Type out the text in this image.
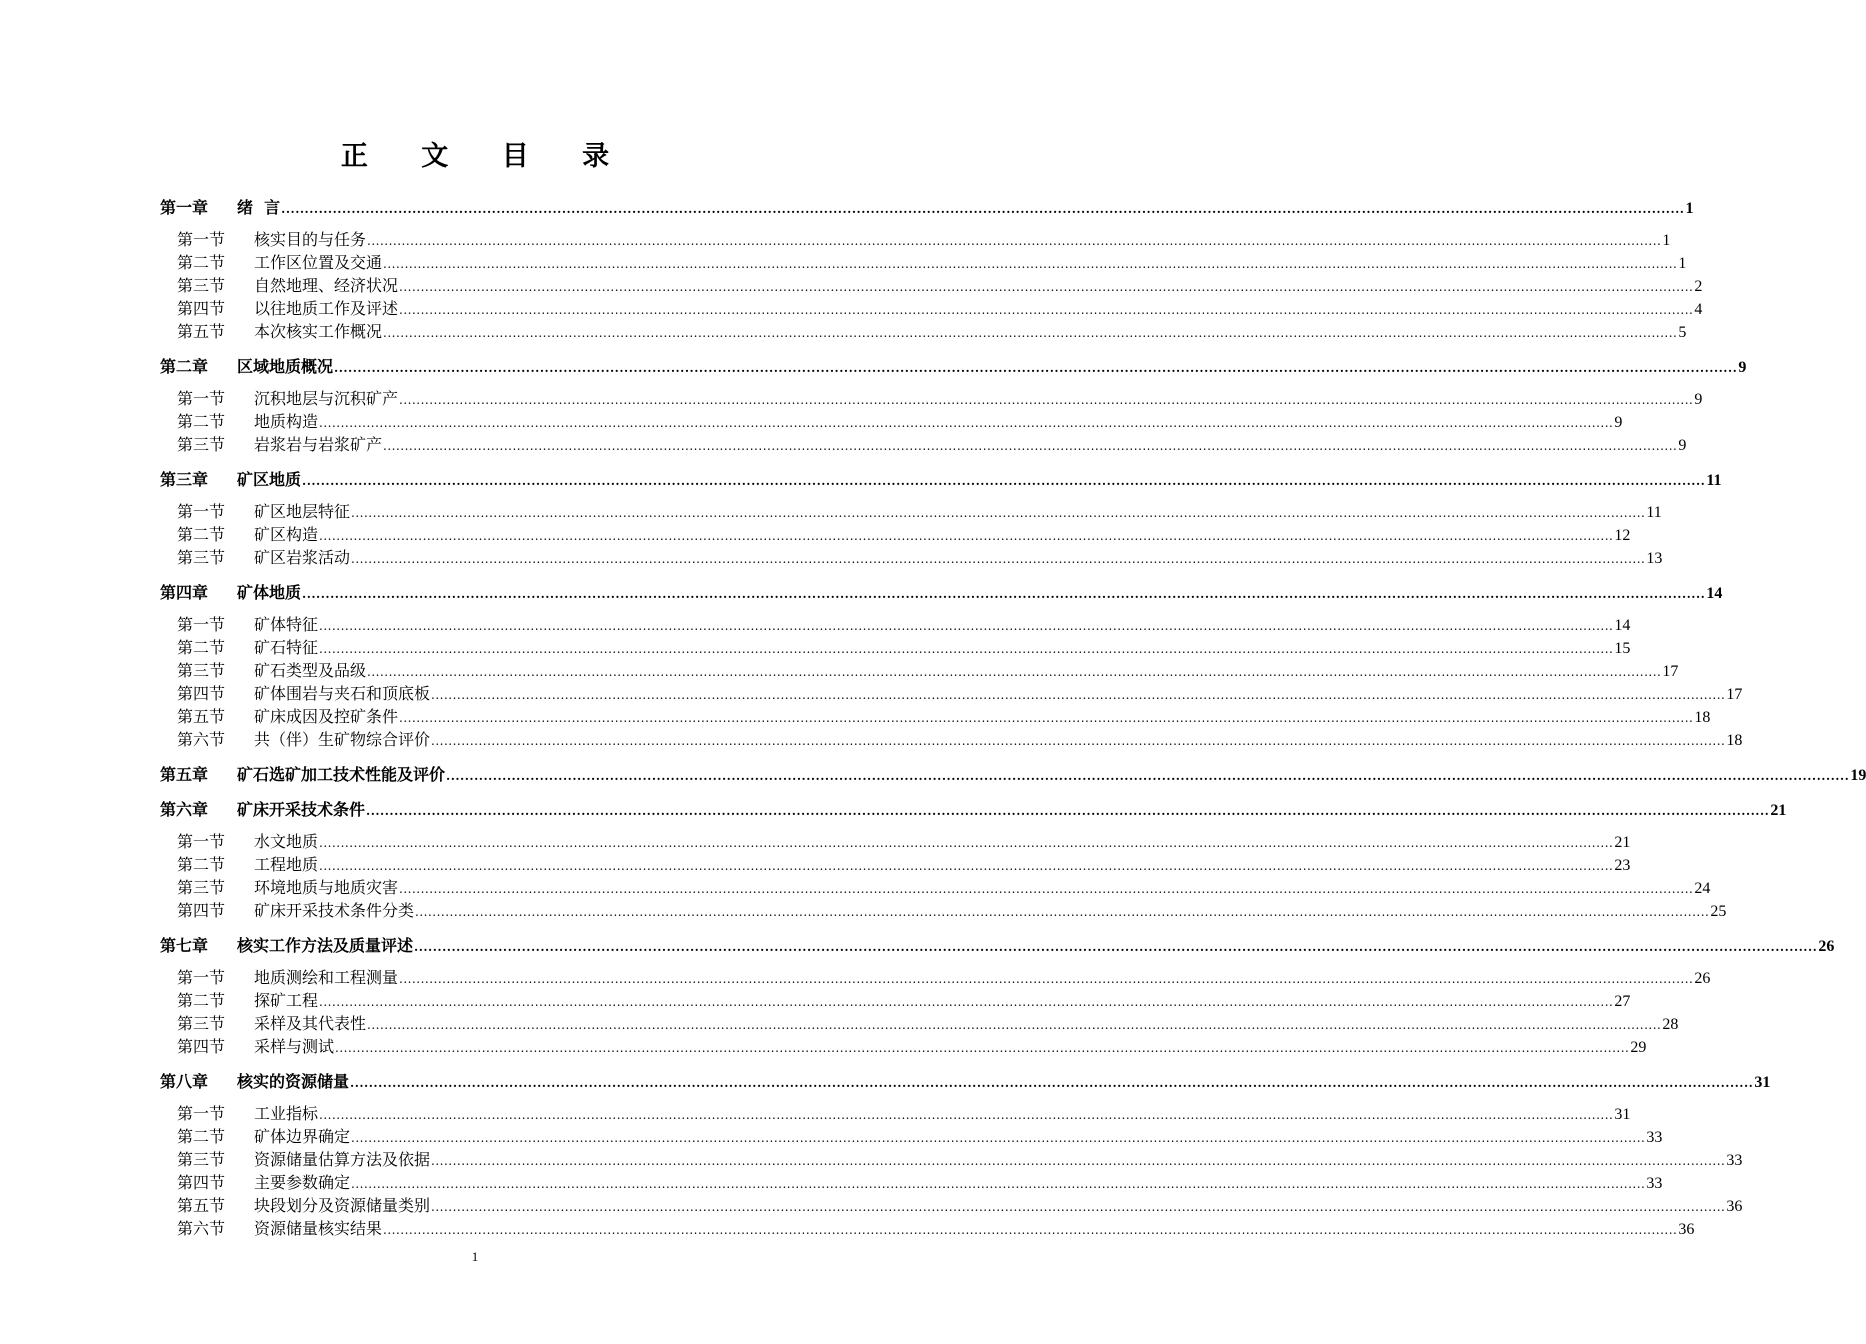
正 文 目 录
第一章	绪  言 ............................................................................................................................................................................................................................................................................................................ 1
第一节	核实目的与任务 ............................................................................................................................................................................................................................................................................................................ 1
第二节	工作区位置及交通 ............................................................................................................................................................................................................................................................................................................ 1
第三节	自然地理、经济状况 ............................................................................................................................................................................................................................................................................................................ 2
第四节	以往地质工作及评述 ............................................................................................................................................................................................................................................................................................................ 4
第五节	本次核实工作概况 ............................................................................................................................................................................................................................................................................................................ 5
第二章	区域地质概况 ............................................................................................................................................................................................................................................................................................................ 9
第一节	沉积地层与沉积矿产 ............................................................................................................................................................................................................................................................................................................ 9
第二节	地质构造 ............................................................................................................................................................................................................................................................................................................ 9
第三节	岩浆岩与岩浆矿产 ............................................................................................................................................................................................................................................................................................................ 9
第三章	矿区地质 ............................................................................................................................................................................................................................................................................................................ 11
第一节	矿区地层特征 ............................................................................................................................................................................................................................................................................................................ 11
第二节	矿区构造 ............................................................................................................................................................................................................................................................................................................ 12
第三节	矿区岩浆活动 ............................................................................................................................................................................................................................................................................................................ 13
第四章	矿体地质 ............................................................................................................................................................................................................................................................................................................ 14
第一节	矿体特征 ............................................................................................................................................................................................................................................................................................................ 14
第二节	矿石特征 ............................................................................................................................................................................................................................................................................................................ 15
第三节	矿石类型及品级 ............................................................................................................................................................................................................................................................................................................ 17
第四节	矿体围岩与夹石和顶底板 ............................................................................................................................................................................................................................................................................................................ 17
第五节	矿床成因及控矿条件 ............................................................................................................................................................................................................................................................................................................ 18
第六节	共（伴）生矿物综合评价 ............................................................................................................................................................................................................................................................................................................ 18
第五章	矿石选矿加工技术性能及评价 ............................................................................................................................................................................................................................................................................................................ 19
第六章	矿床开采技术条件 ............................................................................................................................................................................................................................................................................................................ 21
第一节	水文地质 ............................................................................................................................................................................................................................................................................................................ 21
第二节	工程地质 ............................................................................................................................................................................................................................................................................................................ 23
第三节	环境地质与地质灾害 ............................................................................................................................................................................................................................................................................................................ 24
第四节	矿床开采技术条件分类 ............................................................................................................................................................................................................................................................................................................ 25
第七章	核实工作方法及质量评述 ............................................................................................................................................................................................................................................................................................................ 26
第一节	地质测绘和工程测量 ............................................................................................................................................................................................................................................................................................................ 26
第二节	探矿工程 ............................................................................................................................................................................................................................................................................................................ 27
第三节	采样及其代表性 ............................................................................................................................................................................................................................................................................................................ 28
第四节	采样与测试 ............................................................................................................................................................................................................................................................................................................ 29
第八章	核实的资源储量 ............................................................................................................................................................................................................................................................................................................ 31
第一节	工业指标 ............................................................................................................................................................................................................................................................................................................ 31
第二节	矿体边界确定 ............................................................................................................................................................................................................................................................................................................ 33
第三节	资源储量估算方法及依据 ............................................................................................................................................................................................................................................................................................................ 33
第四节	主要参数确定 ............................................................................................................................................................................................................................................................................................................ 33
第五节	块段划分及资源储量类别 ............................................................................................................................................................................................................................................................................................................ 36
第六节	资源储量核实结果 ............................................................................................................................................................................................................................................................................................................ 36
1
